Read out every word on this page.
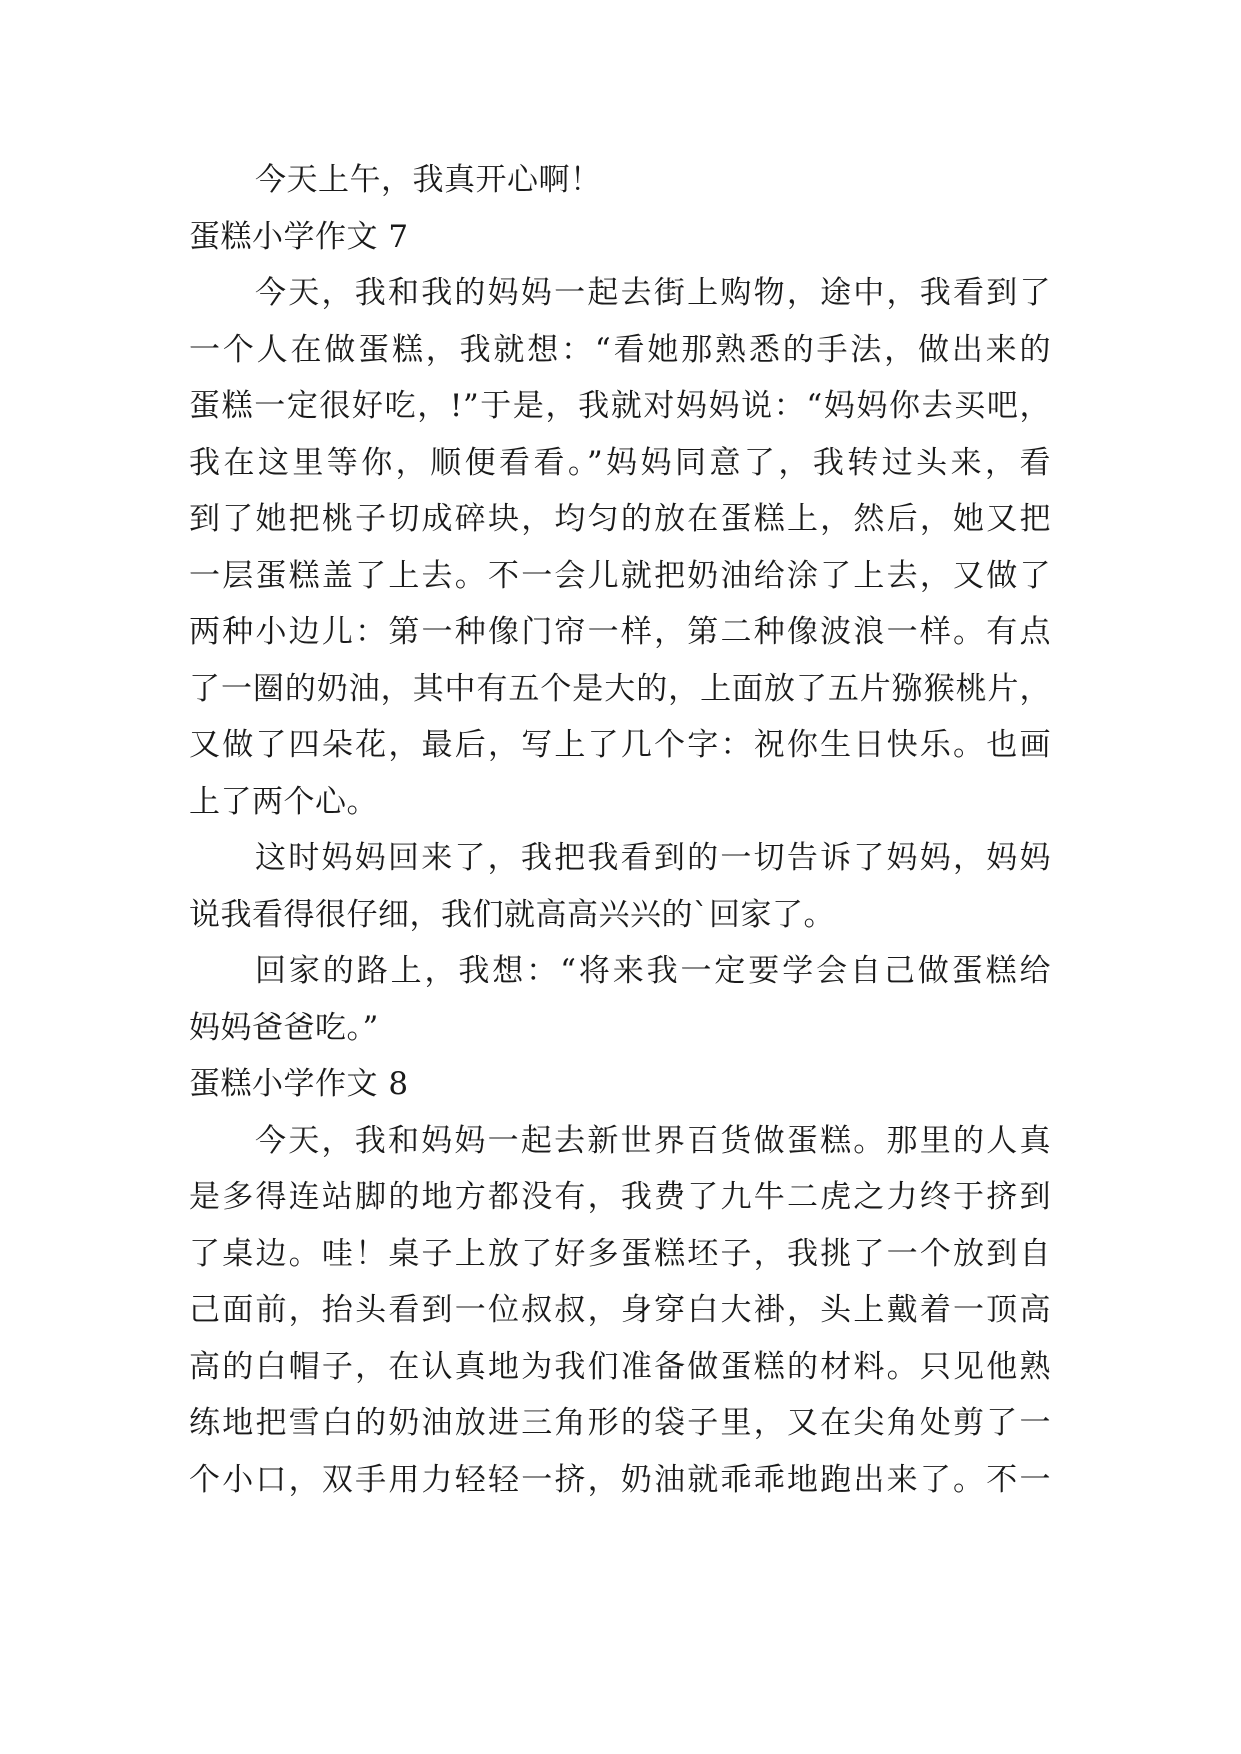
今天上午，我真开心啊！
蛋糕小学作文 7
今天，我和我的妈妈一起去街上购物，途中，我看到了
一个人在做蛋糕，我就想：“看她那熟悉的手法，做出来的
蛋糕一定很好吃，!”于是，我就对妈妈说：“妈妈你去买吧，
我在这里等你，顺便看看。”妈妈同意了，我转过头来，看
到了她把桃子切成碎块，均匀的放在蛋糕上，然后，她又把
一层蛋糕盖了上去。不一会儿就把奶油给涂了上去，又做了
两种小边儿：第一种像门帘一样，第二种像波浪一样。有点
了一圈的奶油，其中有五个是大的，上面放了五片猕猴桃片，
又做了四朵花，最后，写上了几个字：祝你生日快乐。也画
上了两个心。
这时妈妈回来了，我把我看到的一切告诉了妈妈，妈妈
说我看得很仔细，我们就高高兴兴的`回家了。
回家的路上，我想：“将来我一定要学会自己做蛋糕给
妈妈爸爸吃。”
蛋糕小学作文 8
今天，我和妈妈一起去新世界百货做蛋糕。那里的人真
是多得连站脚的地方都没有，我费了九牛二虎之力终于挤到
了桌边。哇！桌子上放了好多蛋糕坯子，我挑了一个放到自
己面前，抬头看到一位叔叔，身穿白大褂，头上戴着一顶高
高的白帽子，在认真地为我们准备做蛋糕的材料。只见他熟
练地把雪白的奶油放进三角形的袋子里，又在尖角处剪了一
个小口，双手用力轻轻一挤，奶油就乖乖地跑出来了。不一
